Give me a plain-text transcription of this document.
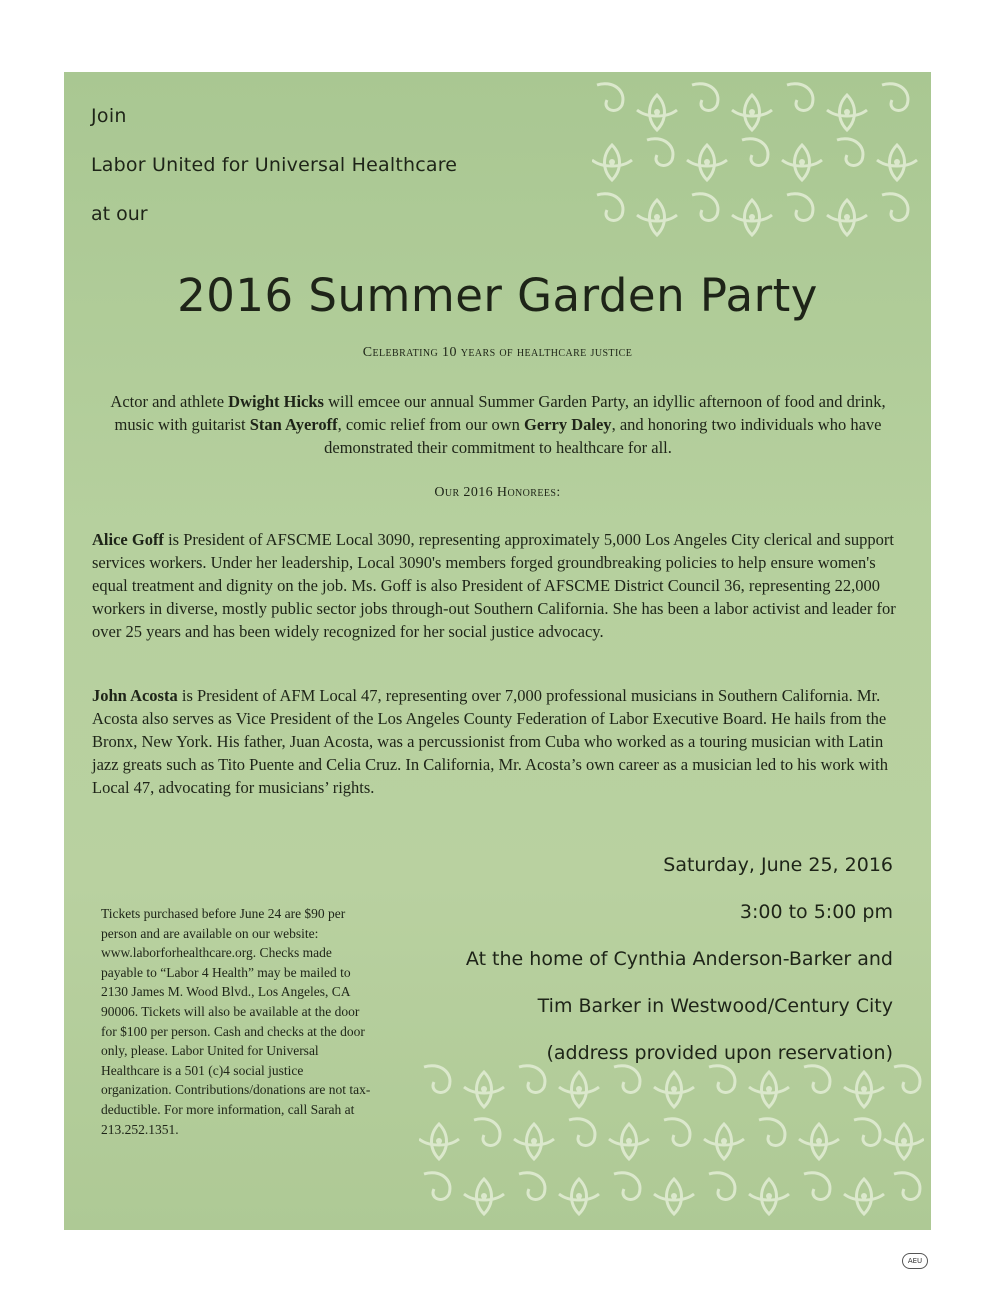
Join
Labor United for Universal Healthcare
at our
2016 Summer Garden Party
Celebrating 10 years of healthcare justice
Actor and athlete Dwight Hicks will emcee our annual Summer Garden Party, an idyllic afternoon of food and drink, music with guitarist Stan Ayeroff, comic relief from our own Gerry Daley, and honoring two individuals who have demonstrated their commitment to healthcare for all.
Our 2016 Honorees:
Alice Goff is President of AFSCME Local 3090, representing approximately 5,000 Los Angeles City clerical and support services workers. Under her leadership, Local 3090's members forged groundbreaking policies to help ensure women's equal treatment and dignity on the job. Ms. Goff is also President of AFSCME District Council 36, representing 22,000 workers in diverse, mostly public sector jobs through-out Southern California. She has been a labor activist and leader for over 25 years and has been widely recognized for her social justice advocacy.
John Acosta is President of AFM Local 47, representing over 7,000 professional musicians in Southern California. Mr. Acosta also serves as Vice President of the Los Angeles County Federation of Labor Executive Board. He hails from the Bronx, New York. His father, Juan Acosta, was a percussionist from Cuba who worked as a touring musician with Latin jazz greats such as Tito Puente and Celia Cruz. In California, Mr. Acosta’s own career as a musician led to his work with Local 47, advocating for musicians’ rights.
Saturday, June 25, 2016
3:00 to 5:00 pm
At the home of Cynthia Anderson-Barker and
Tim Barker in Westwood/Century City
(address provided upon reservation)
Tickets purchased before June 24 are $90 per person and are available on our website: www.laborforhealthcare.org. Checks made payable to “Labor 4 Health” may be mailed to 2130 James M. Wood Blvd., Los Angeles, CA 90006. Tickets will also be available at the door for $100 per person. Cash and checks at the door only, please. Labor United for Universal Healthcare is a 501 (c)4 social justice organization. Contributions/donations are not tax-deductible. For more information, call Sarah at 213.252.1351.
AEU
